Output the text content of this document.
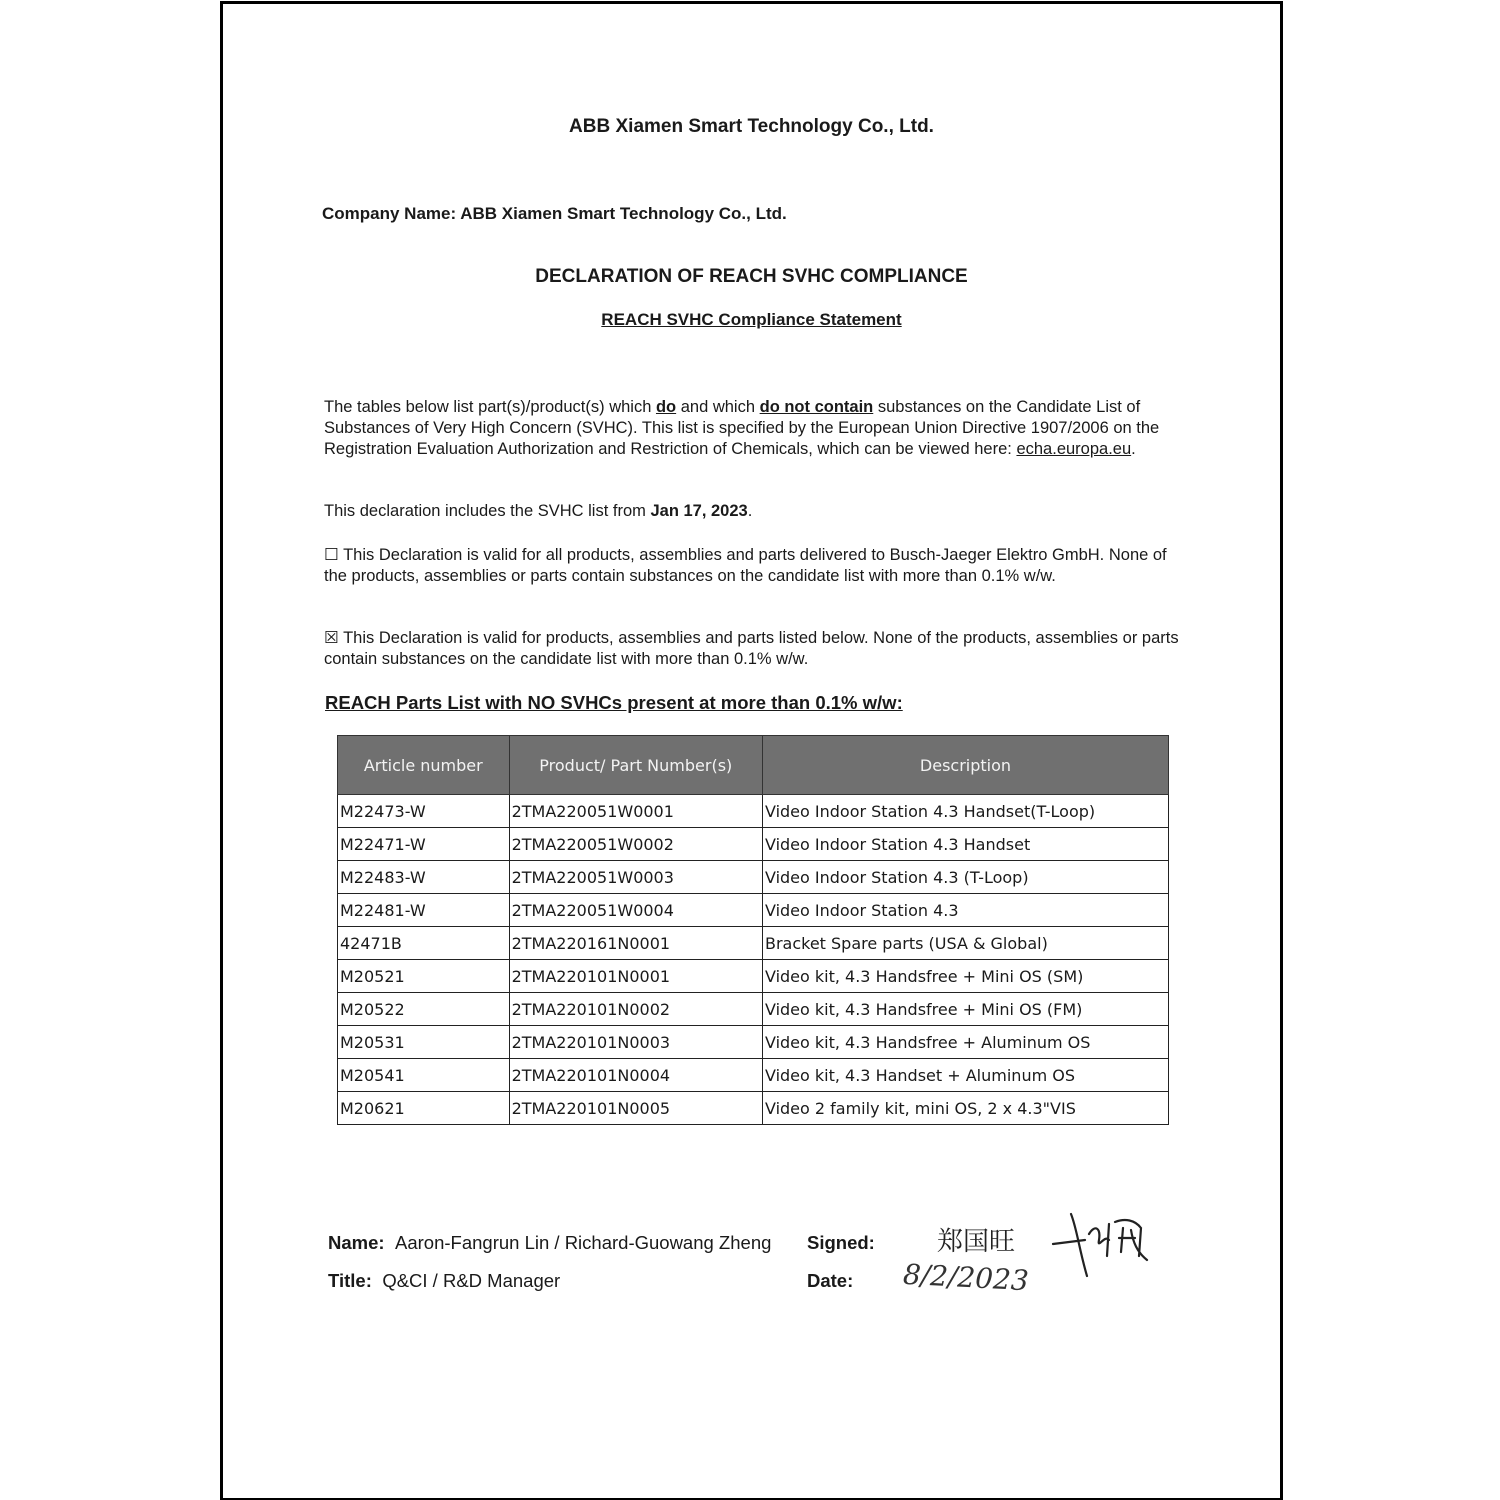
ABB Xiamen Smart Technology Co., Ltd.
Company Name: ABB Xiamen Smart Technology Co., Ltd.
DECLARATION OF REACH SVHC COMPLIANCE
REACH SVHC Compliance Statement
The tables below list part(s)/product(s) which do and which do not contain substances on the Candidate List of Substances of Very High Concern (SVHC). This list is specified by the European Union Directive 1907/2006 on the Registration Evaluation Authorization and Restriction of Chemicals, which can be viewed here: echa.europa.eu.
This declaration includes the SVHC list from Jan 17, 2023.
☐ This Declaration is valid for all products, assemblies and parts delivered to Busch-Jaeger Elektro GmbH. None of the products, assemblies or parts contain substances on the candidate list with more than 0.1% w/w.
☒ This Declaration is valid for products, assemblies and parts listed below. None of the products, assemblies or parts contain substances on the candidate list with more than 0.1% w/w.
REACH Parts List with NO SVHCs present at more than 0.1% w/w:
Article number	Product/ Part Number(s)	Description
M22473-W	2TMA220051W0001	Video Indoor Station 4.3 Handset(T-Loop)
M22471-W	2TMA220051W0002	Video Indoor Station 4.3 Handset
M22483-W	2TMA220051W0003	Video Indoor Station 4.3 (T-Loop)
M22481-W	2TMA220051W0004	Video Indoor Station 4.3
42471B	2TMA220161N0001	Bracket Spare parts (USA & Global)
M20521	2TMA220101N0001	Video kit, 4.3 Handsfree + Mini OS (SM)
M20522	2TMA220101N0002	Video kit, 4.3 Handsfree + Mini OS (FM)
M20531	2TMA220101N0003	Video kit, 4.3 Handsfree + Aluminum OS
M20541	2TMA220101N0004	Video kit, 4.3 Handset + Aluminum OS
M20621	2TMA220101N0005	Video 2 family kit, mini OS, 2 x 4.3"VIS
Name: Aaron-Fangrun Lin / Richard-Guowang Zheng Signed: 郑国旺
Title: Q&CI / R&D Manager	Date: 8/2/2023
